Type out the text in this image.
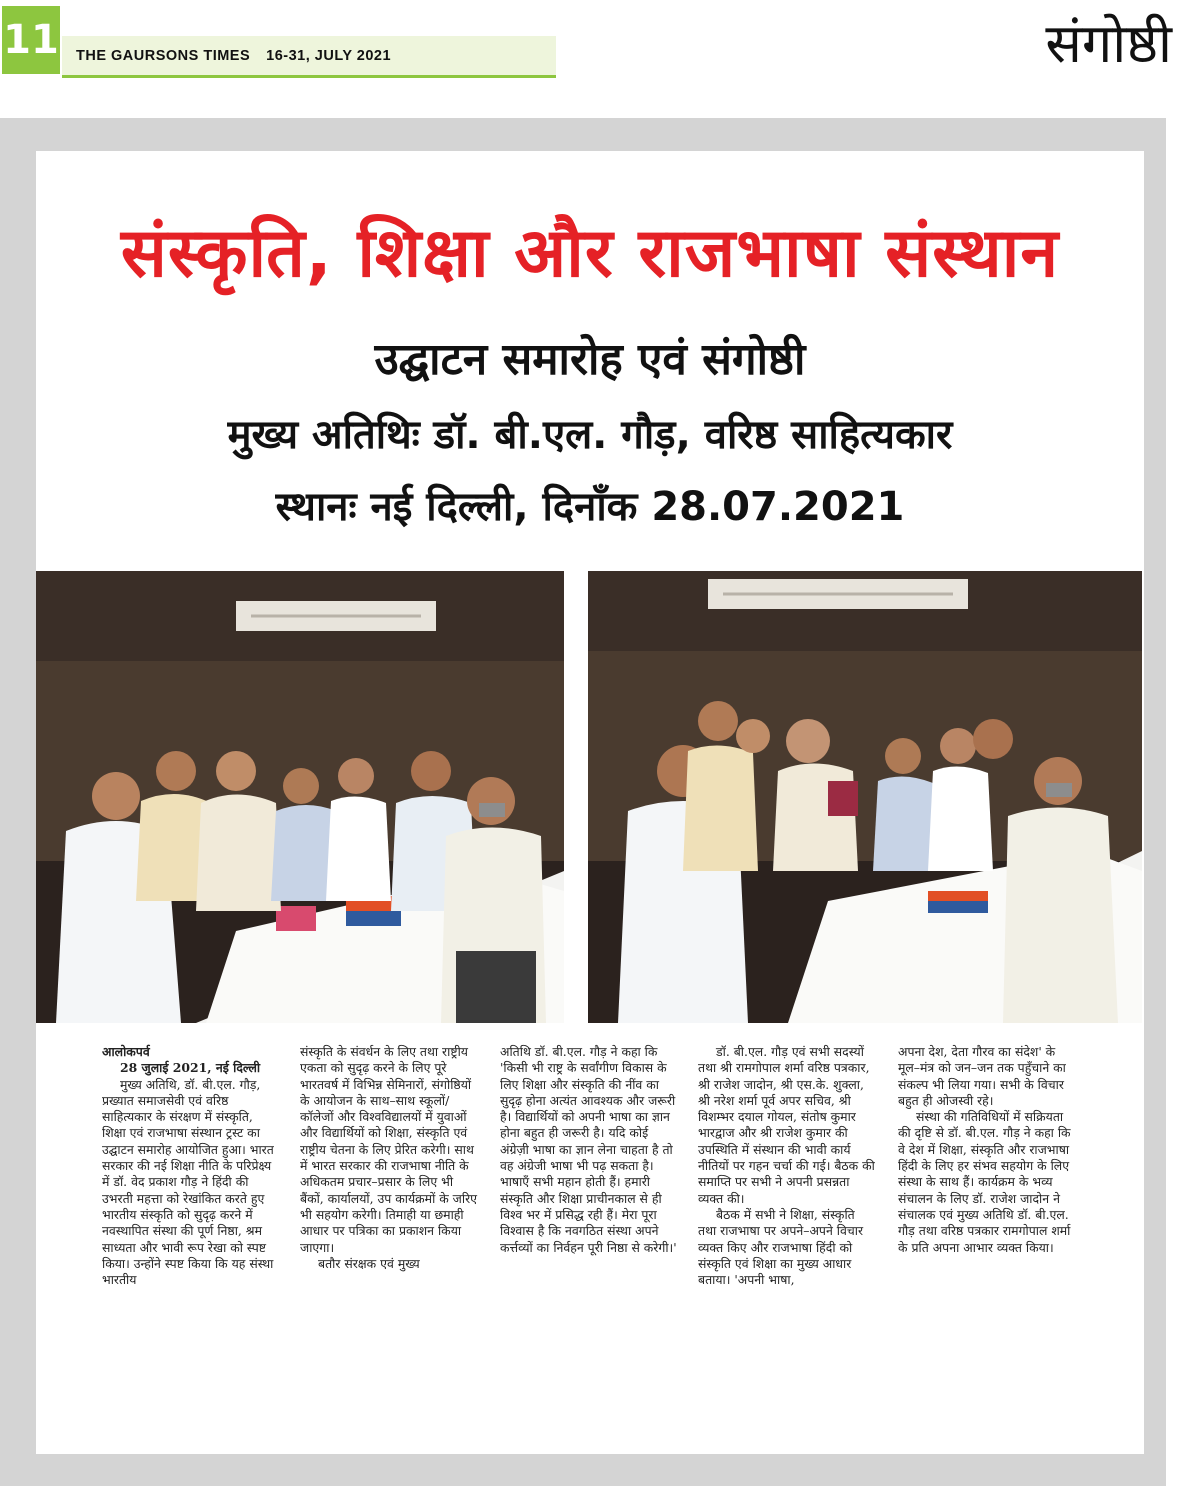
11 THE GAURSONS TIMES 16-31, JULY 2021	संगोष्ठी
संस्कृति, शिक्षा और राजभाषा संस्थान
उद्घाटन समारोह एवं संगोष्ठी
मुख्य अतिथिः डॉ. बी.एल. गौड़, वरिष्ठ साहित्यकार
स्थानः नई दिल्ली, दिनाँक 28.07.2021

आलोकपर्व

28 जुलाई 2021, नई दिल्ली

मुख्य अतिथि, डॉ. बी.एल. गौड़, प्रख्यात समाजसेवी एवं वरिष्ठ साहित्यकार के संरक्षण में संस्कृति, शिक्षा एवं राजभाषा संस्थान ट्रस्ट का उद्घाटन समारोह आयोजित हुआ। भारत सरकार की नई शिक्षा नीति के परिप्रेक्ष्य में डॉ. वेद प्रकाश गौड़ ने हिंदी की उभरती महत्ता को रेखांकित करते हुए भारतीय संस्कृति को सुदृढ़ करने में नवस्थापित संस्था की पूर्ण निष्ठा, श्रम साध्यता और भावी रूप रेखा को स्पष्ट किया। उन्होंने स्पष्ट किया कि यह संस्था भारतीय

संस्कृति के संवर्धन के लिए तथा राष्ट्रीय एकता को सुदृढ़ करने के लिए पूरे भारतवर्ष में विभिन्न सेमिनारों, संगोष्ठियों के आयोजन के साथ–साथ स्कूलों/कॉलेजों और विश्वविद्यालयों में युवाओं और विद्यार्थियों को शिक्षा, संस्कृति एवं राष्ट्रीय चेतना के लिए प्रेरित करेगी। साथ में भारत सरकार की राजभाषा नीति के अधिकतम प्रचार–प्रसार के लिए भी बैंकों, कार्यालयों, उप कार्यक्रमों के जरिए भी सहयोग करेगी। तिमाही या छमाही आधार पर पत्रिका का प्रकाशन किया जाएगा।

बतौर संरक्षक एवं मुख्य

अतिथि डॉ. बी.एल. गौड़ ने कहा कि 'किसी भी राष्ट्र के सर्वांगीण विकास के लिए शिक्षा और संस्कृति की नींव का सुदृढ़ होना अत्यंत आवश्यक और जरूरी है। विद्यार्थियों को अपनी भाषा का ज्ञान होना बहुत ही जरूरी है। यदि कोई अंग्रेज़ी भाषा का ज्ञान लेना चाहता है तो वह अंग्रेजी भाषा भी पढ़ सकता है। भाषाएँ सभी महान होती हैं। हमारी संस्कृति और शिक्षा प्राचीनकाल से ही विश्व भर में प्रसिद्ध रही हैं। मेरा पूरा विश्वास है कि नवगठित संस्था अपने कर्त्तव्यों का निर्वहन पूरी निष्ठा से करेगी।'

डॉ. बी.एल. गौड़ एवं सभी सदस्यों तथा श्री रामगोपाल शर्मा वरिष्ठ पत्रकार, श्री राजेश जादोन, श्री एस.के. शुक्ला, श्री नरेश शर्मा पूर्व अपर सचिव, श्री विशम्भर दयाल गोयल, संतोष कुमार भारद्वाज और श्री राजेश कुमार की उपस्थिति में संस्थान की भावी कार्य नीतियों पर गहन चर्चा की गई। बैठक की समाप्ति पर सभी ने अपनी प्रसन्नता व्यक्त की।

बैठक में सभी ने शिक्षा, संस्कृति तथा राजभाषा पर अपने–अपने विचार व्यक्त किए और राजभाषा हिंदी को संस्कृति एवं शिक्षा का मुख्य आधार बताया। 'अपनी भाषा,

अपना देश, देता गौरव का संदेश' के मूल–मंत्र को जन–जन तक पहुँचाने का संकल्प भी लिया गया। सभी के विचार बहुत ही ओजस्वी रहे।

संस्था की गतिविधियों में सक्रियता की दृष्टि से डॉ. बी.एल. गौड़ ने कहा कि वे देश में शिक्षा, संस्कृति और राजभाषा हिंदी के लिए हर संभव सहयोग के लिए संस्था के साथ हैं। कार्यक्रम के भव्य संचालन के लिए डॉ. राजेश जादोन ने संचालक एवं मुख्य अतिथि डॉ. बी.एल. गौड़ तथा वरिष्ठ पत्रकार रामगोपाल शर्मा के प्रति अपना आभार व्यक्त किया।
